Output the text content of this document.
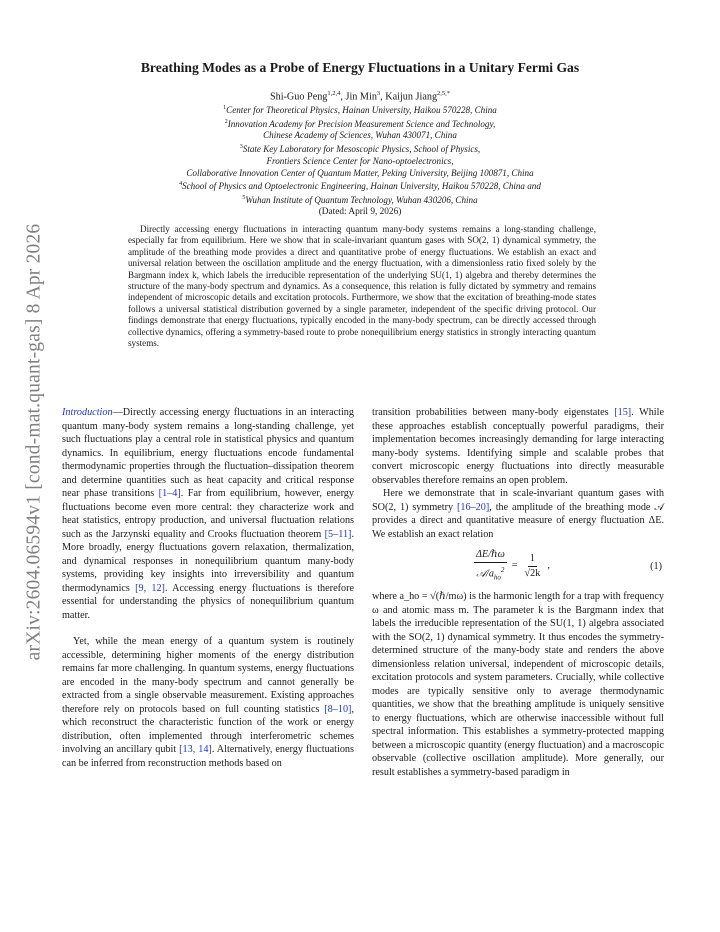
arXiv:2604.06594v1 [cond-mat.quant-gas] 8 Apr 2026
Breathing Modes as a Probe of Energy Fluctuations in a Unitary Fermi Gas
Shi-Guo Peng$^{1,2,4}$, Jin Min$^3$, Kaijun Jiang$^{2,5,*}$
$^1$Center for Theoretical Physics, Hainan University, Haikou 570228, China
$^2$Innovation Academy for Precision Measurement Science and Technology,
Chinese Academy of Sciences, Wuhan 430071, China
$^3$State Key Laboratory for Mesoscopic Physics, School of Physics,
Frontiers Science Center for Nano-optoelectronics,
Collaborative Innovation Center of Quantum Matter, Peking University, Beijing 100871, China
$^4$School of Physics and Optoelectronic Engineering, Hainan University, Haikou 570228, China and
$^5$Wuhan Institute of Quantum Technology, Wuhan 430206, China
(Dated: April 9, 2026)
Directly accessing energy fluctuations in interacting quantum many-body systems remains a long-standing challenge, especially far from equilibrium. Here we show that in scale-invariant quantum gases with SO(2, 1) dynamical symmetry, the amplitude of the breathing mode provides a direct and quantitative probe of energy fluctuations. We establish an exact and universal relation between the oscillation amplitude and the energy fluctuation, with a dimensionless ratio fixed solely by the Bargmann index k, which labels the irreducible representation of the underlying SU(1, 1) algebra and thereby determines the structure of the many-body spectrum and dynamics. As a consequence, this relation is fully dictated by symmetry and remains independent of microscopic details and excitation protocols. Furthermore, we show that the excitation of breathing-mode states follows a universal statistical distribution governed by a single parameter, independent of the specific driving protocol. Our findings demonstrate that energy fluctuations, typically encoded in the many-body spectrum, can be directly accessed through collective dynamics, offering a symmetry-based route to probe nonequilibrium energy statistics in strongly interacting quantum systems.

Introduction—Directly accessing energy fluctuations in an interacting quantum many-body system remains a long-standing challenge, yet such fluctuations play a central role in statistical physics and quantum dynamics. In equilibrium, energy fluctuations encode fundamental thermodynamic properties through the fluctuation–dissipation theorem and determine quantities such as heat capacity and critical response near phase transitions [1–4]. Far from equilibrium, however, energy fluctuations become even more central: they characterize work and heat statistics, entropy production, and universal fluctuation relations such as the Jarzynski equality and Crooks fluctuation theorem [5–11]. More broadly, energy fluctuations govern relaxation, thermalization, and dynamical responses in nonequilibrium quantum many-body systems, providing key insights into irreversibility and quantum thermodynamics [9, 12]. Accessing energy fluctuations is therefore essential for understanding the physics of nonequilibrium quantum matter.

Yet, while the mean energy of a quantum system is routinely accessible, determining higher moments of the energy distribution remains far more challenging. In quantum systems, energy fluctuations are encoded in the many-body spectrum and cannot generally be extracted from a single observable measurement. Existing approaches therefore rely on protocols based on full counting statistics [8–10], which reconstruct the characteristic function of the work or energy distribution, often implemented through interferometric schemes involving an ancillary qubit [13, 14]. Alternatively, energy fluctuations can be inferred from reconstruction methods based on

transition probabilities between many-body eigenstates [15]. While these approaches establish conceptually powerful paradigms, their implementation becomes increasingly demanding for large interacting many-body systems. Identifying simple and scalable probes that convert microscopic energy fluctuations into directly measurable observables therefore remains an open problem.

Here we demonstrate that in scale-invariant quantum gases with SO(2, 1) symmetry [16–20], the amplitude of the breathing mode 𝒜 provides a direct and quantitative measure of energy fluctuation ΔE. We establish an exact relation

$\frac{\text{ΔE/ℏω}}{𝒜/a_{ho}^2} = \frac{1}{√2k}$ ,	(1)

where a_ho = √(ℏ/mω) is the harmonic length for a trap with frequency ω and atomic mass m. The parameter k is the Bargmann index that labels the irreducible representation of the SU(1, 1) algebra associated with the SO(2, 1) dynamical symmetry. It thus encodes the symmetry-determined structure of the many-body state and renders the above dimensionless relation universal, independent of microscopic details, excitation protocols and system parameters. Crucially, while collective modes are typically sensitive only to average thermodynamic quantities, we show that the breathing amplitude is uniquely sensitive to energy fluctuations, which are otherwise inaccessible without full spectral information. This establishes a symmetry-protected mapping between a microscopic quantity (energy fluctuation) and a macroscopic observable (collective oscillation amplitude). More generally, our result establishes a symmetry-based paradigm in
